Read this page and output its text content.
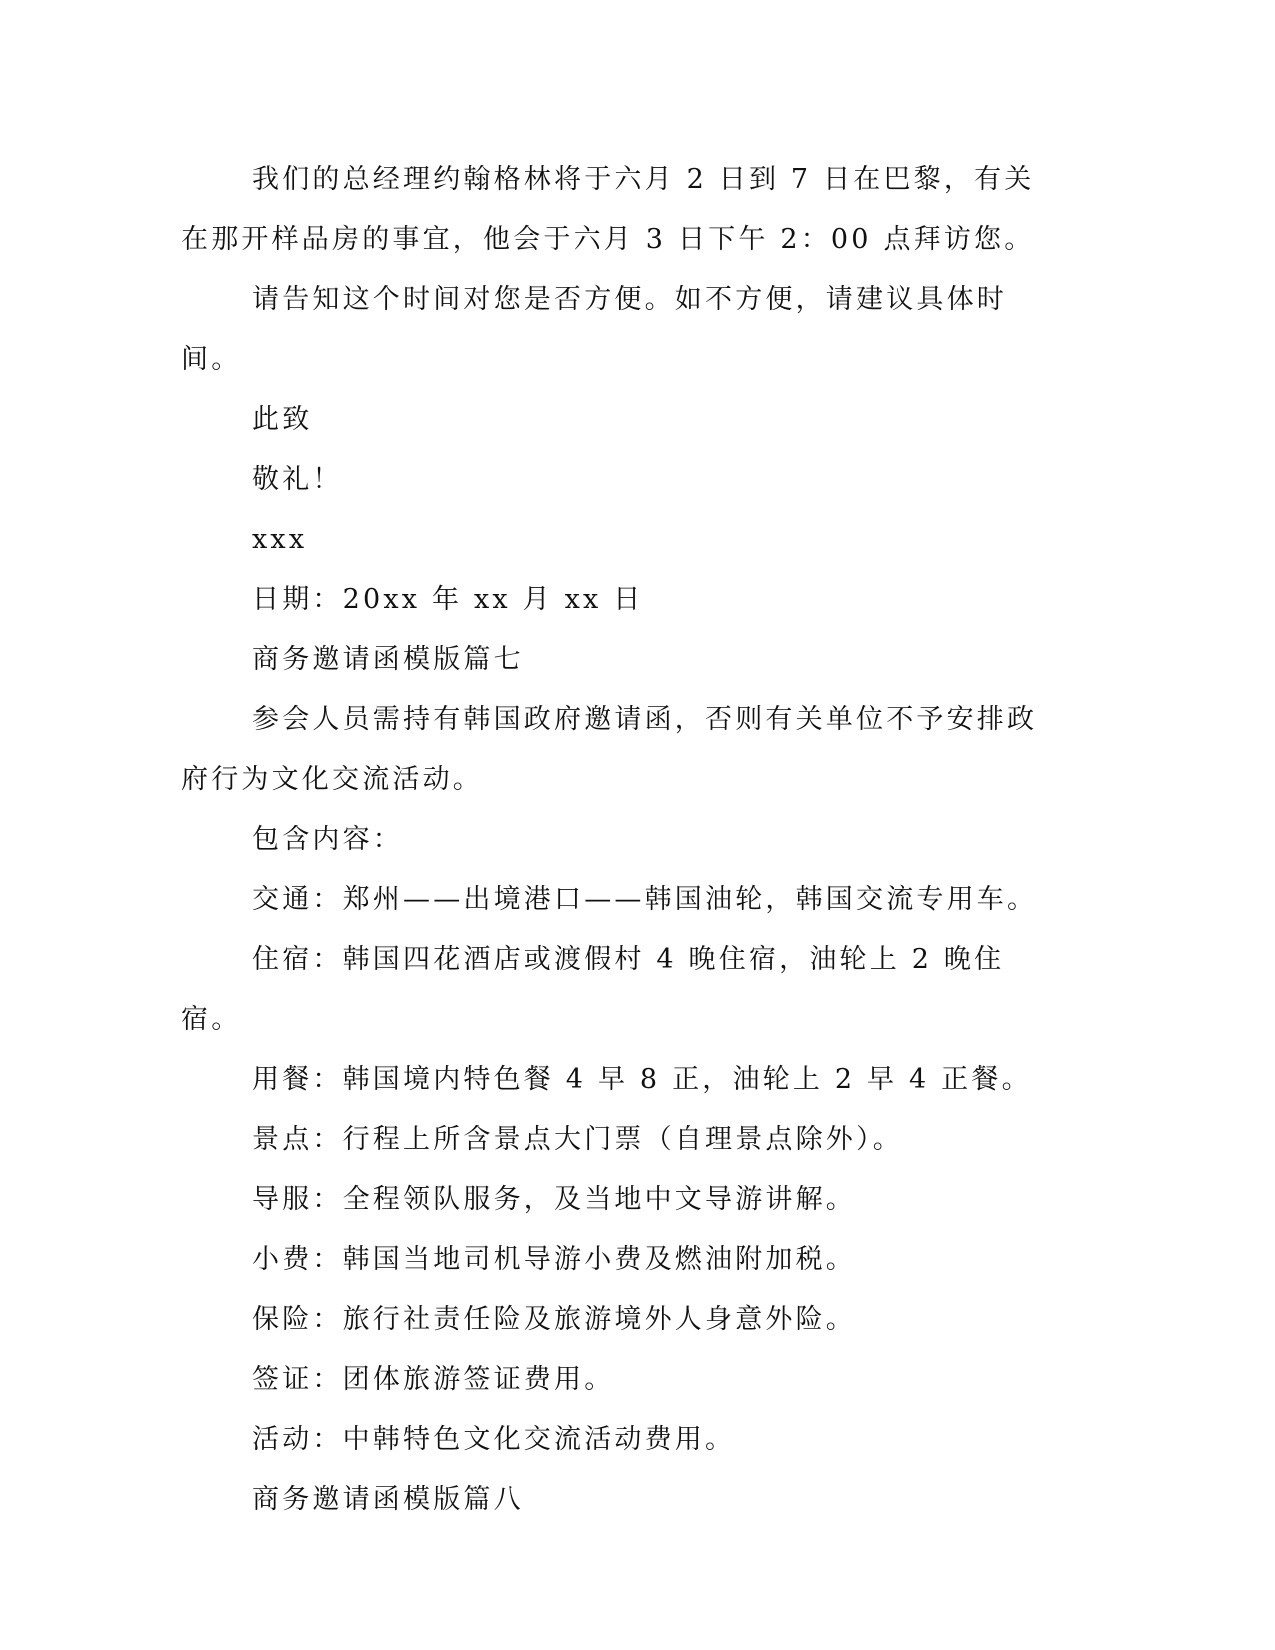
我们的总经理约翰格林将于六月 2 日到 7 日在巴黎，有关在那开样品房的事宜，他会于六月 3 日下午 2：00 点拜访您。

请告知这个时间对您是否方便。如不方便，请建议具体时间。

此致

敬礼！

xxx

日期：20xx 年 xx 月 xx 日

商务邀请函模版篇七

参会人员需持有韩国政府邀请函，否则有关单位不予安排政府行为文化交流活动。

包含内容：

交通：郑州——出境港口——韩国油轮，韩国交流专用车。

住宿：韩国四花酒店或渡假村 4 晚住宿，油轮上 2 晚住宿。

用餐：韩国境内特色餐 4 早 8 正，油轮上 2 早 4 正餐。

景点：行程上所含景点大门票（自理景点除外）。

导服：全程领队服务，及当地中文导游讲解。

小费：韩国当地司机导游小费及燃油附加税。

保险：旅行社责任险及旅游境外人身意外险。

签证：团体旅游签证费用。

活动：中韩特色文化交流活动费用。

商务邀请函模版篇八
